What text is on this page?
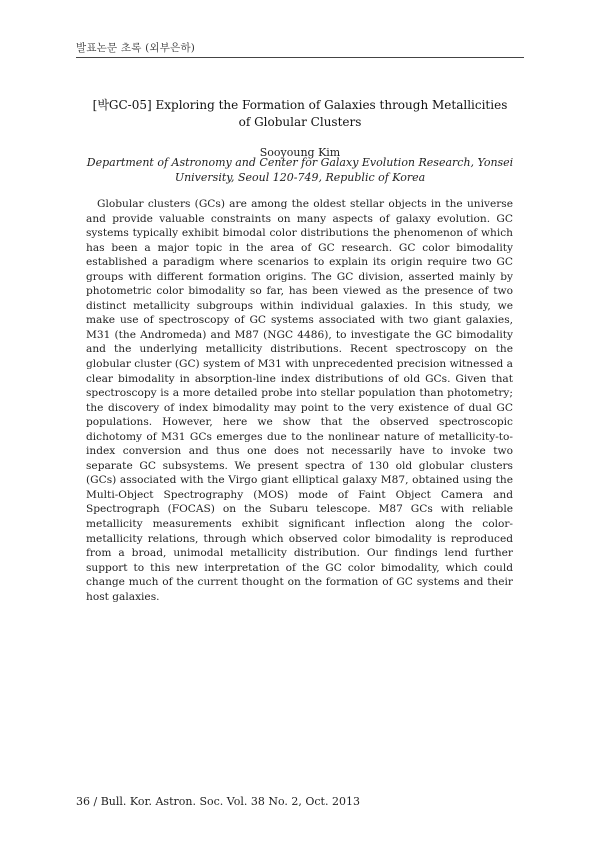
발표논문 초록 (외부은하)
[박GC-05] Exploring the Formation of Galaxies through Metallicities of Globular Clusters
Sooyoung Kim
Department of Astronomy and Center for Galaxy Evolution Research, Yonsei University, Seoul 120-749, Republic of Korea
Globular clusters (GCs) are among the oldest stellar objects in the universe and provide valuable constraints on many aspects of galaxy evolution. GC systems typically exhibit bimodal color distributions the phenomenon of which has been a major topic in the area of GC research. GC color bimodality established a paradigm where scenarios to explain its origin require two GC groups with different formation origins. The GC division, asserted mainly by photometric color bimodality so far, has been viewed as the presence of two distinct metallicity subgroups within individual galaxies. In this study, we make use of spectroscopy of GC systems associated with two giant galaxies, M31 (the Andromeda) and M87 (NGC 4486), to investigate the GC bimodality and the underlying metallicity distributions. Recent spectroscopy on the globular cluster (GC) system of M31 with unprecedented precision witnessed a clear bimodality in absorption-line index distributions of old GCs. Given that spectroscopy is a more detailed probe into stellar population than photometry; the discovery of index bimodality may point to the very existence of dual GC populations. However, here we show that the observed spectroscopic dichotomy of M31 GCs emerges due to the nonlinear nature of metallicity-to-index conversion and thus one does not necessarily have to invoke two separate GC subsystems. We present spectra of 130 old globular clusters (GCs) associated with the Virgo giant elliptical galaxy M87, obtained using the Multi-Object Spectrography (MOS) mode of Faint Object Camera and Spectrograph (FOCAS) on the Subaru telescope. M87 GCs with reliable metallicity measurements exhibit significant inflection along the color-metallicity relations, through which observed color bimodality is reproduced from a broad, unimodal metallicity distribution. Our findings lend further support to this new interpretation of the GC color bimodality, which could change much of the current thought on the formation of GC systems and their host galaxies.
36 / Bull. Kor. Astron. Soc. Vol. 38 No. 2, Oct. 2013
